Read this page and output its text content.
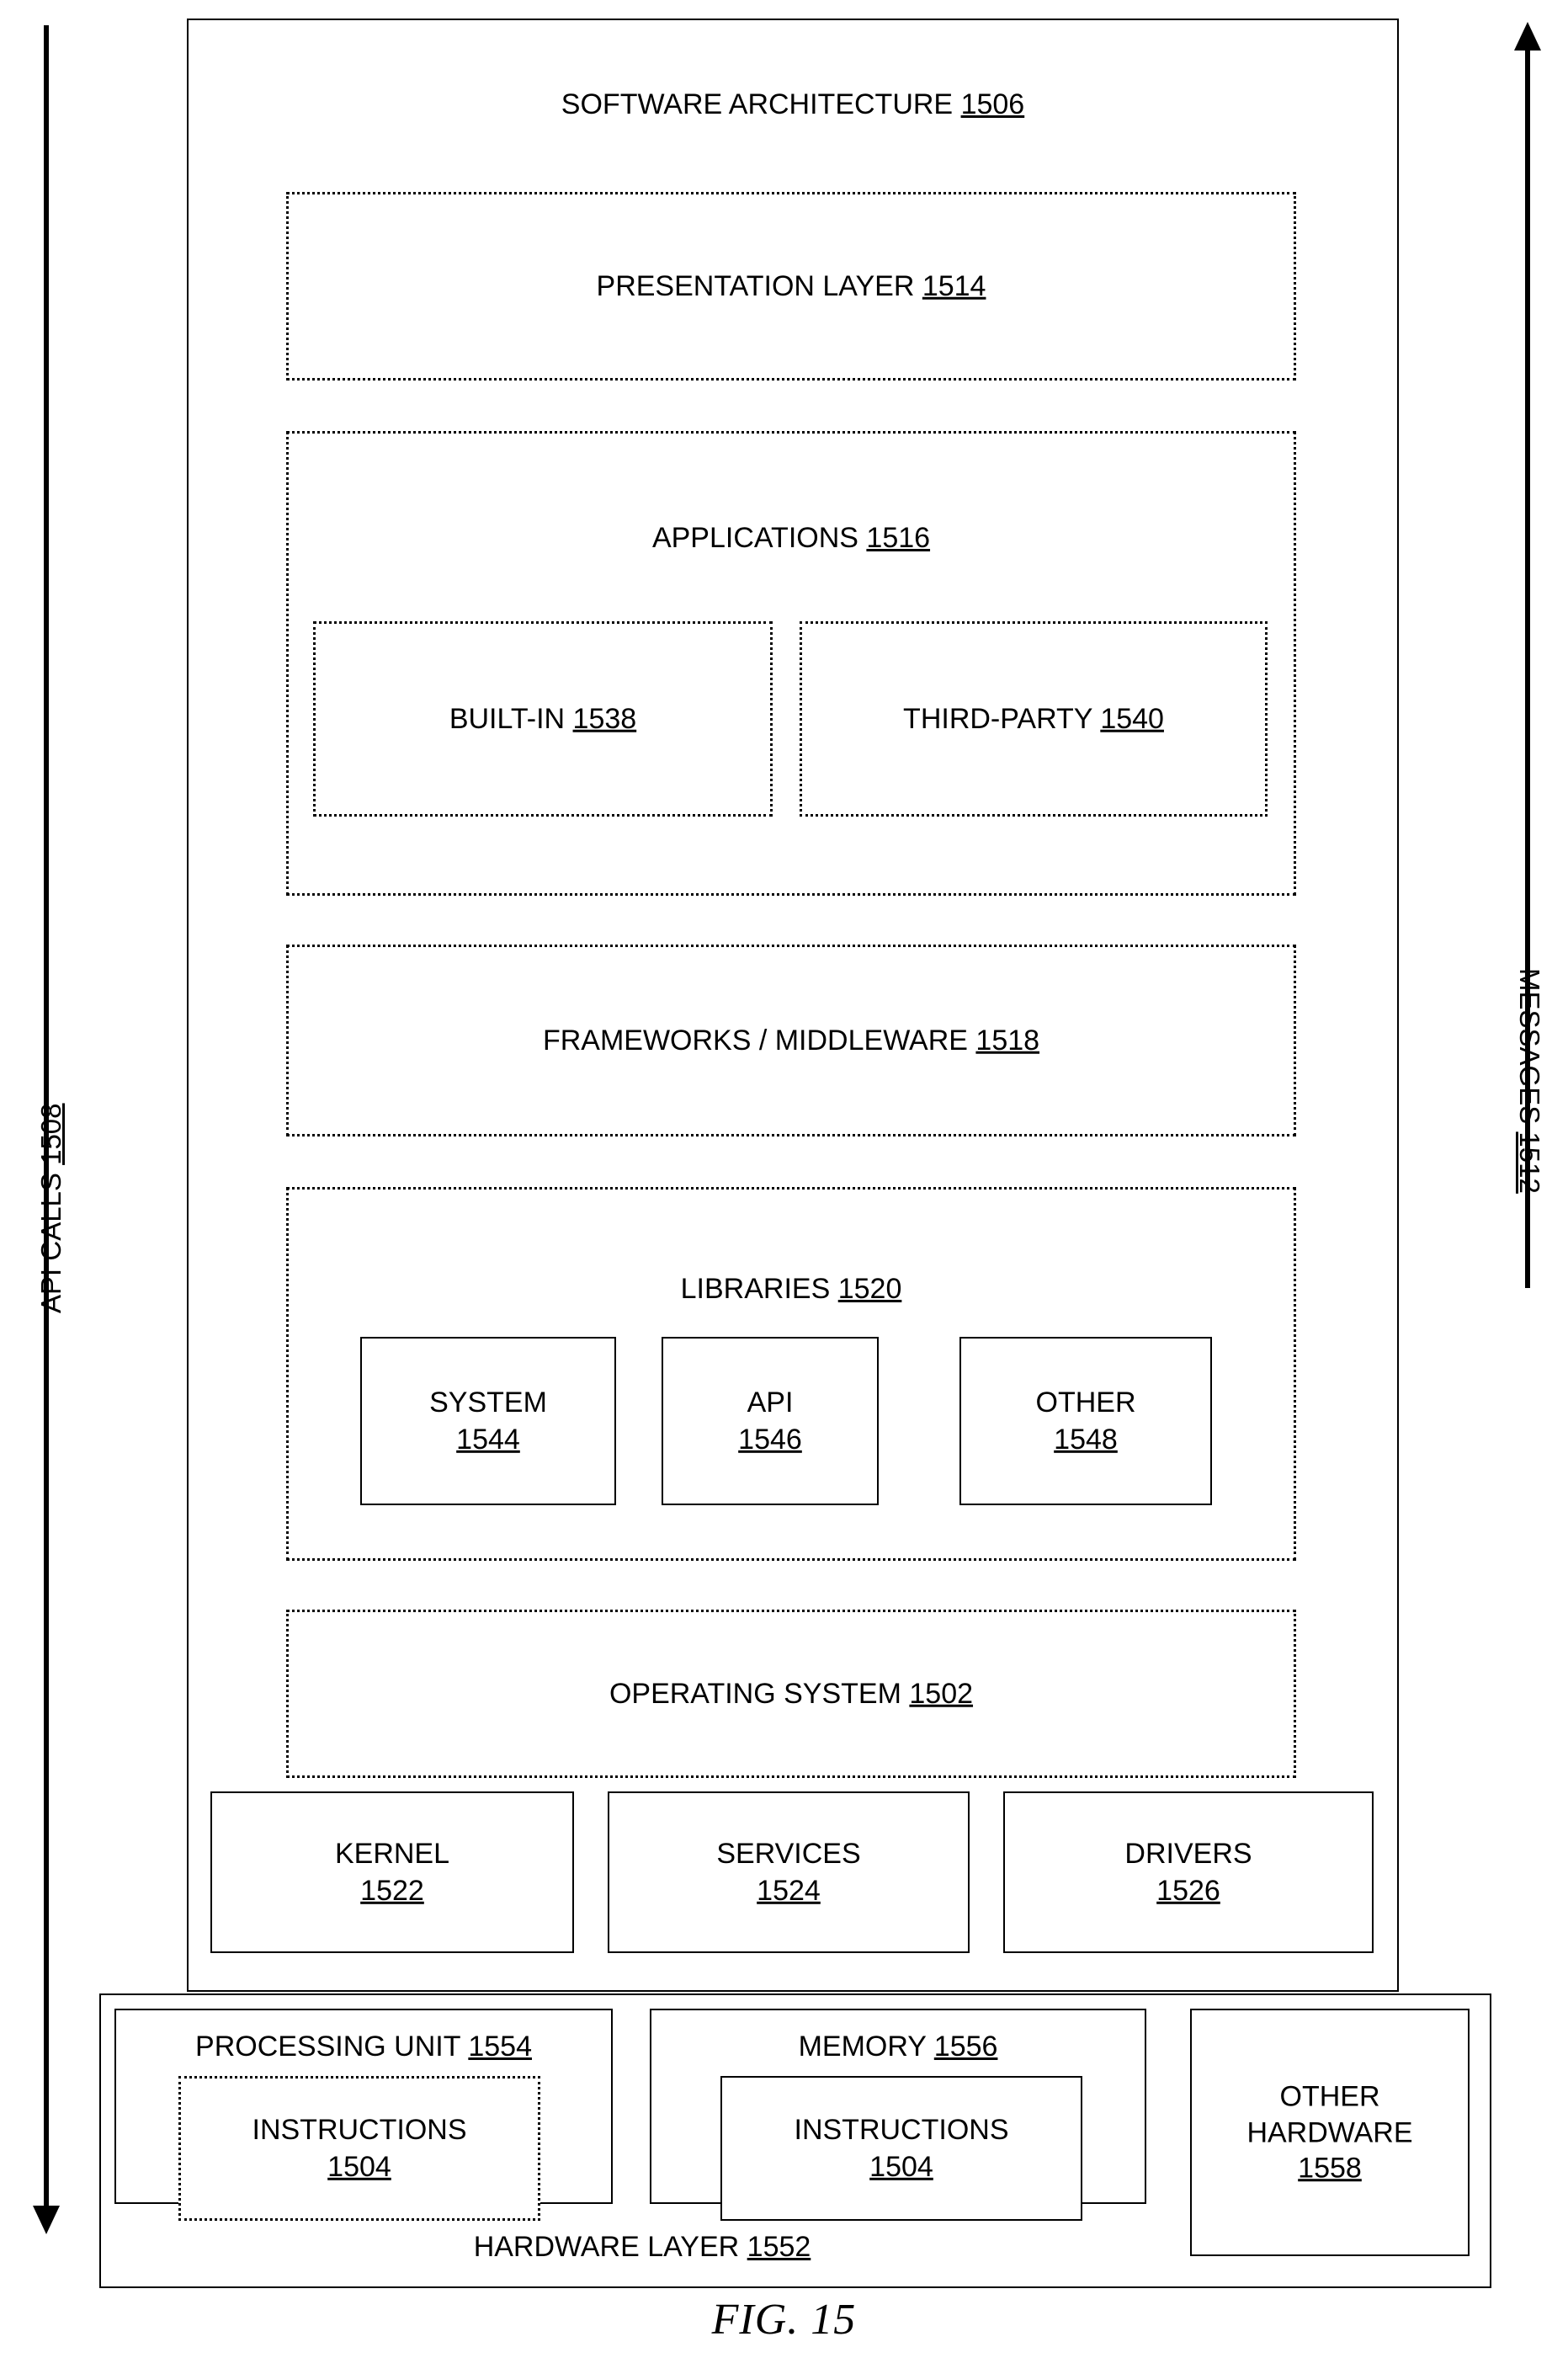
API CALLS 1508
MESSAGES 1512
SOFTWARE ARCHITECTURE 1506
PRESENTATION LAYER 1514
APPLICATIONS 1516
BUILT-IN 1538	THIRD-PARTY 1540
FRAMEWORKS / MIDDLEWARE 1518
LIBRARIES 1520
SYSTEM
1544
API
1546
OTHER
1548
OPERATING SYSTEM 1502
KERNEL
1522
SERVICES
1524
DRIVERS
1526
PROCESSING UNIT 1554
INSTRUCTIONS
1504
MEMORY 1556
INSTRUCTIONS
1504
OTHER
HARDWARE
1558
HARDWARE LAYER 1552
FIG. 15
